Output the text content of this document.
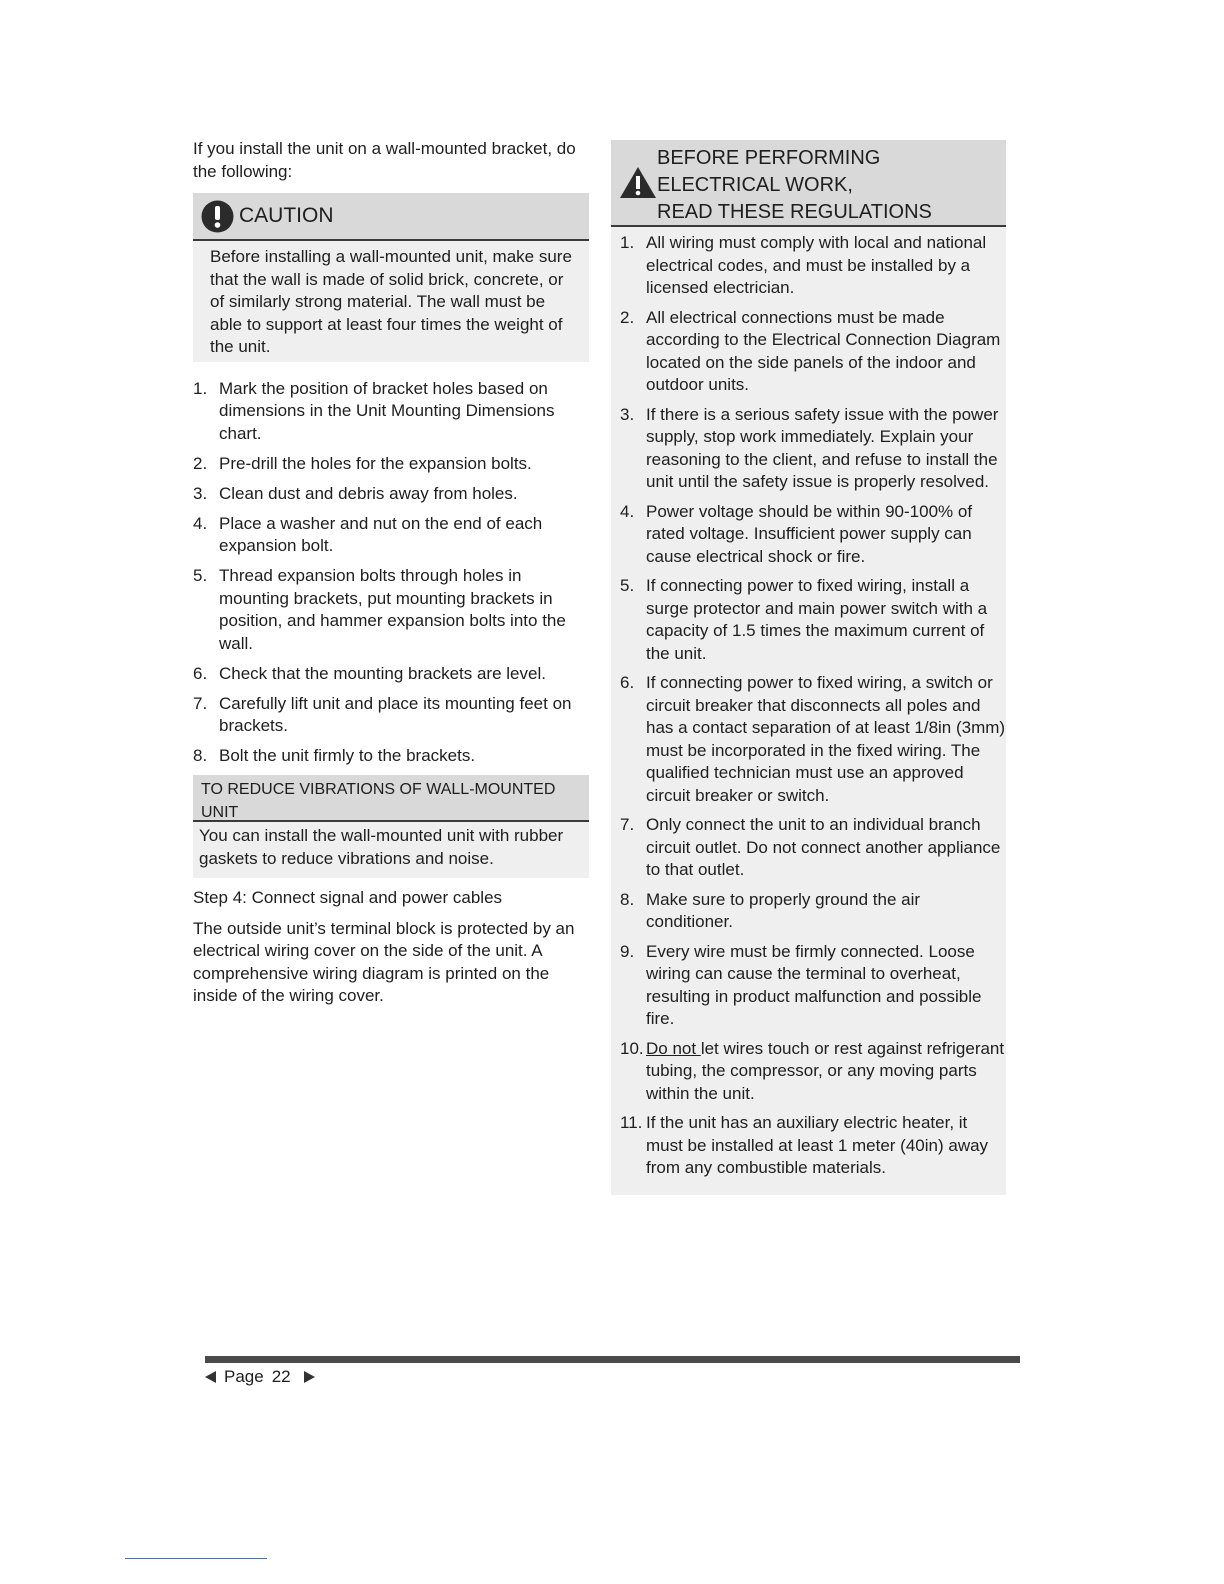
If you install the unit on a wall-mounted bracket, do the following:

CAUTION
Before installing a wall-mounted unit, make sure that the wall is made of solid brick, concrete, or of similarly strong material. The wall must be able to support at least four times the weight of the unit.
1. Mark the position of bracket holes based on dimensions in the Unit Mounting Dimensions chart.
2. Pre-drill the holes for the expansion bolts.
3. Clean dust and debris away from holes.
4. Place a washer and nut on the end of each expansion bolt.
5. Thread expansion bolts through holes in mounting brackets, put mounting brackets in position, and hammer expansion bolts into the wall.
6. Check that the mounting brackets are level.
7. Carefully lift unit and place its mounting feet on brackets.
8. Bolt the unit firmly to the brackets.
TO REDUCE VIBRATIONS OF WALL-MOUNTED UNIT
You can install the wall-mounted unit with rubber gaskets to reduce vibrations and noise.

Step 4: Connect signal and power cables

The outside unit’s terminal block is protected by an electrical wiring cover on the side of the unit. A comprehensive wiring diagram is printed on the inside of the wiring cover.

BEFORE PERFORMING
ELECTRICAL WORK,
READ THESE REGULATIONS
1. All wiring must comply with local and national electrical codes, and must be installed by a licensed electrician.
2. All electrical connections must be made according to the Electrical Connection Diagram located on the side panels of the indoor and outdoor units.
3. If there is a serious safety issue with the power supply, stop work immediately. Explain your reasoning to the client, and refuse to install the unit until the safety issue is properly resolved.
4. Power voltage should be within 90-100% of rated voltage. Insufficient power supply can cause electrical shock or fire.
5. If connecting power to fixed wiring, install a surge protector and main power switch with a capacity of 1.5 times the maximum current of the unit.
6. If connecting power to fixed wiring, a switch or circuit breaker that disconnects all poles and has a contact separation of at least 1/8in (3mm) must be incorporated in the fixed wiring. The qualified technician must use an approved circuit breaker or switch.
7. Only connect the unit to an individual branch circuit outlet. Do not connect another appliance to that outlet.
8. Make sure to properly ground the air conditioner.
9. Every wire must be firmly connected. Loose wiring can cause the terminal to overheat, resulting in product malfunction and possible fire.
10. Do not let wires touch or rest against refrigerant tubing, the compressor, or any moving parts within the unit.
11. If the unit has an auxiliary electric heater, it must be installed at least 1 meter (40in) away from any combustible materials.
Page 22
